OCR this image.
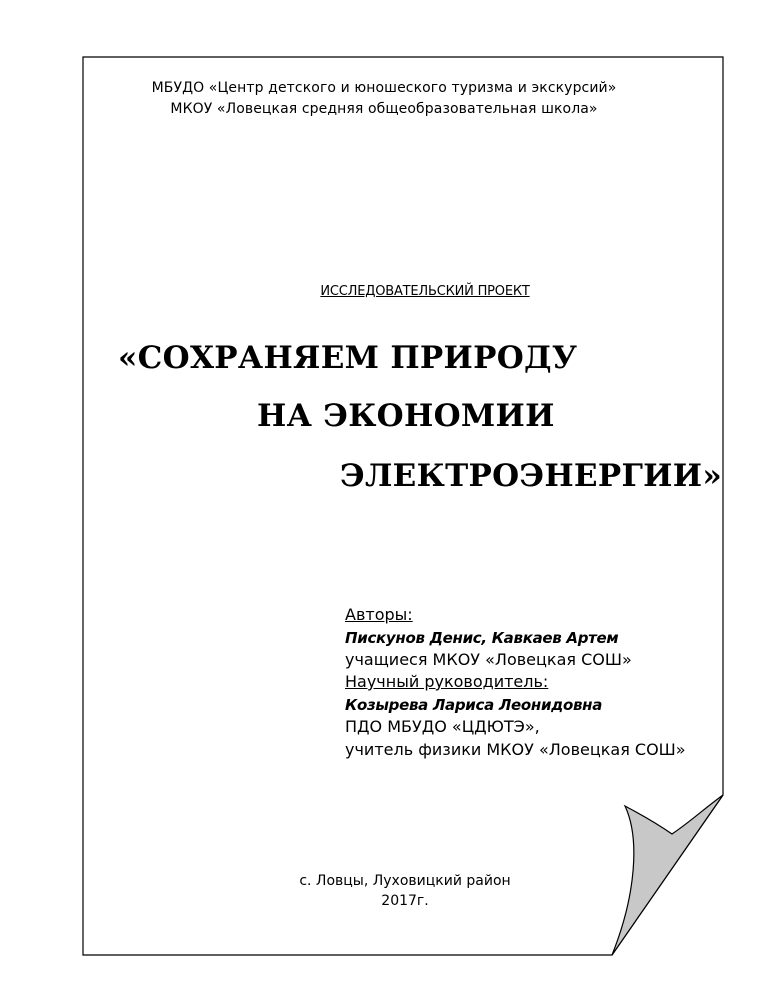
МБУДО «Центр детского и юношеского туризма и экскурсий»
МКОУ «Ловецкая средняя общеобразовательная школа»
ИССЛЕДОВАТЕЛЬСКИЙ ПРОЕКТ
«СОХРАНЯЕМ ПРИРОДУ
НА ЭКОНОМИИ
ЭЛЕКТРОЭНЕРГИИ»
Авторы:
Пискунов Денис, Кавкаев Артем
учащиеся МКОУ «Ловецкая СОШ»
Научный руководитель:
Козырева Лариса Леонидовна
ПДО МБУДО «ЦДЮТЭ»,
учитель физики МКОУ «Ловецкая СОШ»
с. Ловцы, Луховицкий район
2017г.
